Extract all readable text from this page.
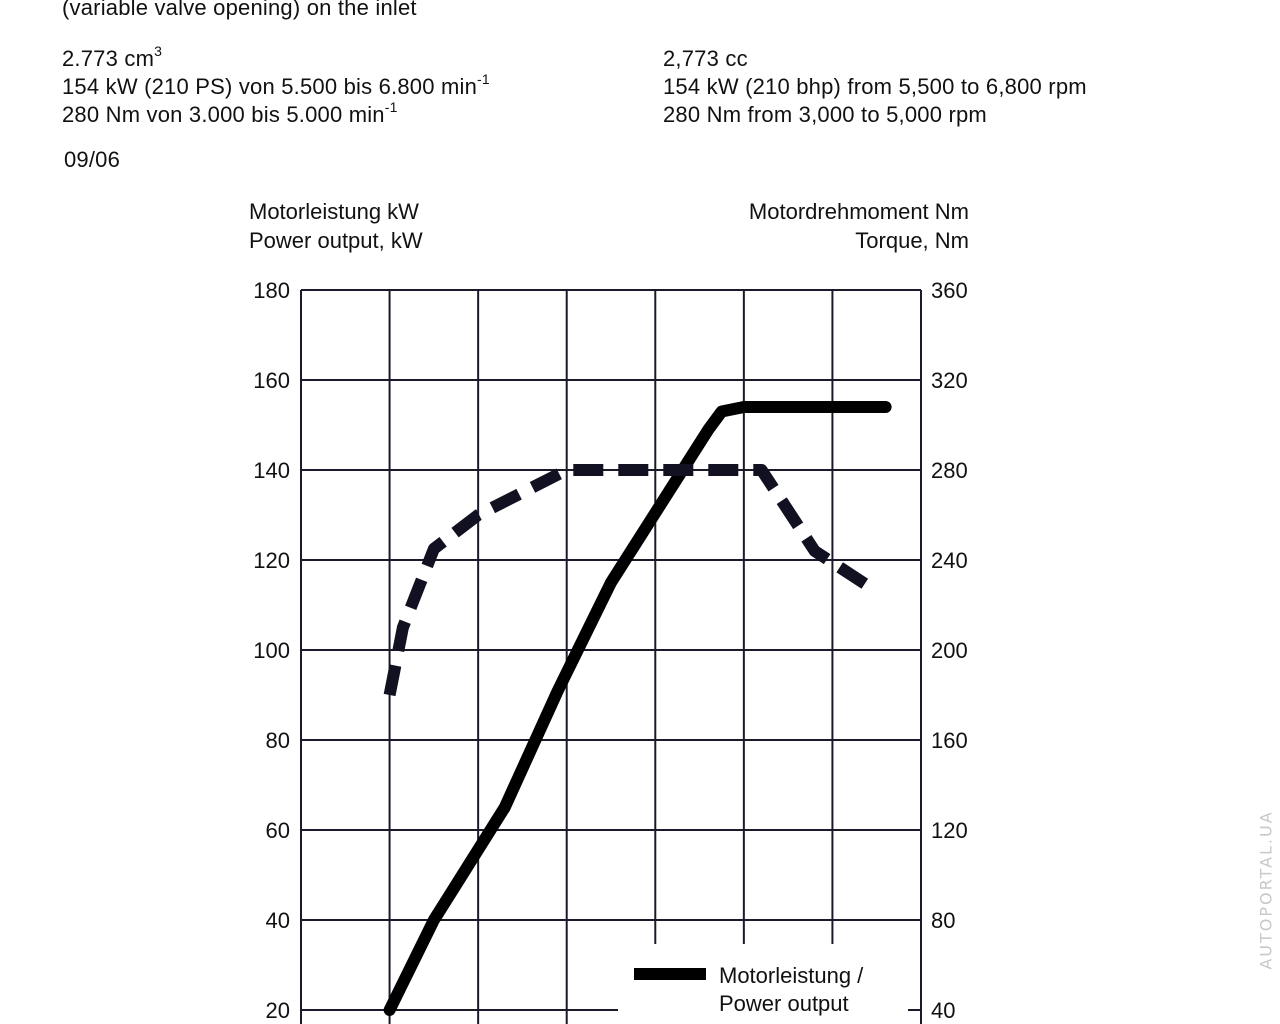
(variable valve opening) on the inlet
2.773 $cm^3$
154 kW (210 PS) von 5.500 bis 6.800 $\min^{-1}$
280 Nm von 3.000 bis 5.000 $\min^{-1}$
2,773 cc
154 kW (210 bhp) from 5,500 to 6,800 rpm
280 Nm from 3,000 to 5,000 rpm
09/06
Motorleistung kW
Power output, kW
Motordrehmoment Nm
Torque, Nm
180
160
140
120
100
80
60
40
20
360
320
280
240
200
160
120
80
40
Motorleistung /
Power output
AUTOPORTAL.UA
